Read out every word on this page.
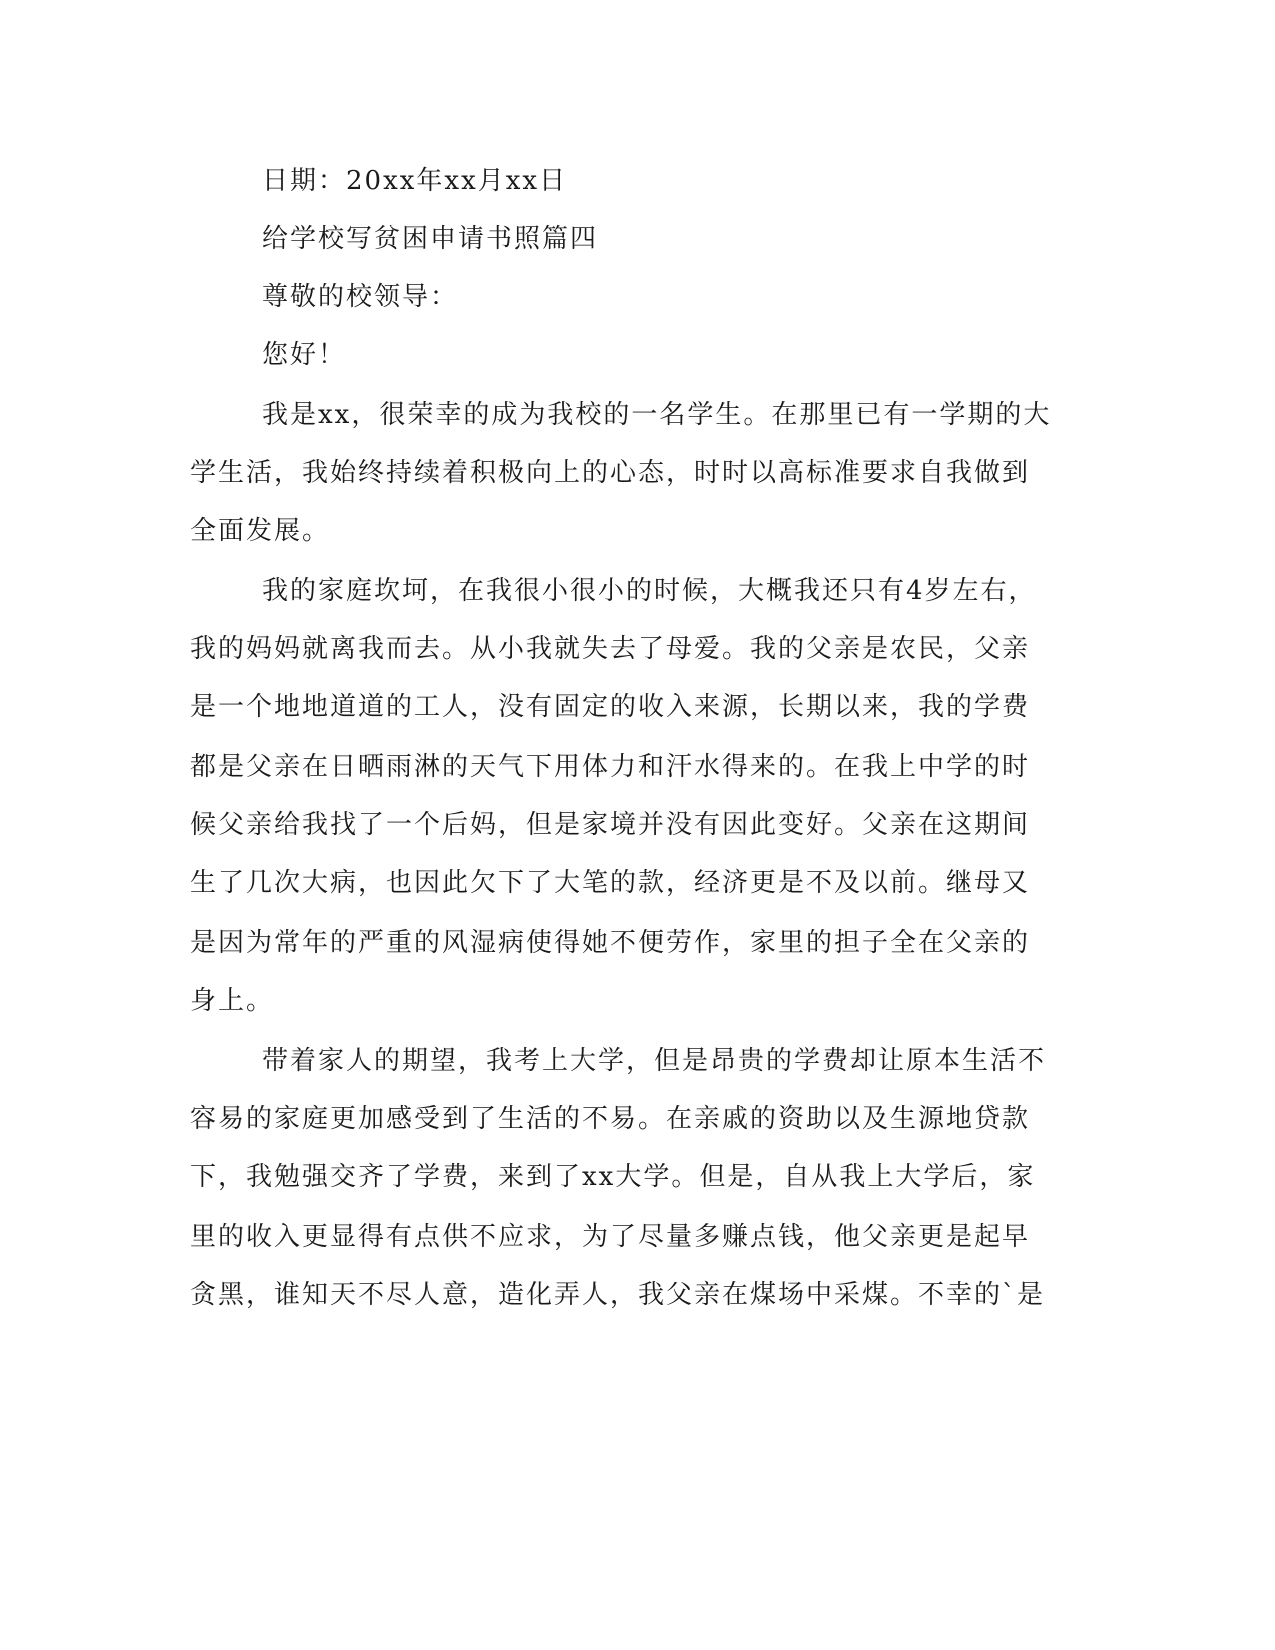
日期：20xx年xx月xx日
给学校写贫困申请书照篇四
尊敬的校领导：
您好！
我是xx，很荣幸的成为我校的一名学生。在那里已有一学期的大
学生活，我始终持续着积极向上的心态，时时以高标准要求自我做到
全面发展。
我的家庭坎坷，在我很小很小的时候，大概我还只有4岁左右，
我的妈妈就离我而去。从小我就失去了母爱。我的父亲是农民，父亲
是一个地地道道的工人，没有固定的收入来源，长期以来，我的学费
都是父亲在日晒雨淋的天气下用体力和汗水得来的。在我上中学的时
候父亲给我找了一个后妈，但是家境并没有因此变好。父亲在这期间
生了几次大病，也因此欠下了大笔的款，经济更是不及以前。继母又
是因为常年的严重的风湿病使得她不便劳作，家里的担子全在父亲的
身上。
带着家人的期望，我考上大学，但是昂贵的学费却让原本生活不
容易的家庭更加感受到了生活的不易。在亲戚的资助以及生源地贷款
下，我勉强交齐了学费，来到了xx大学。但是，自从我上大学后，家
里的收入更显得有点供不应求，为了尽量多赚点钱，他父亲更是起早
贪黑，谁知天不尽人意，造化弄人，我父亲在煤场中采煤。不幸的`是
